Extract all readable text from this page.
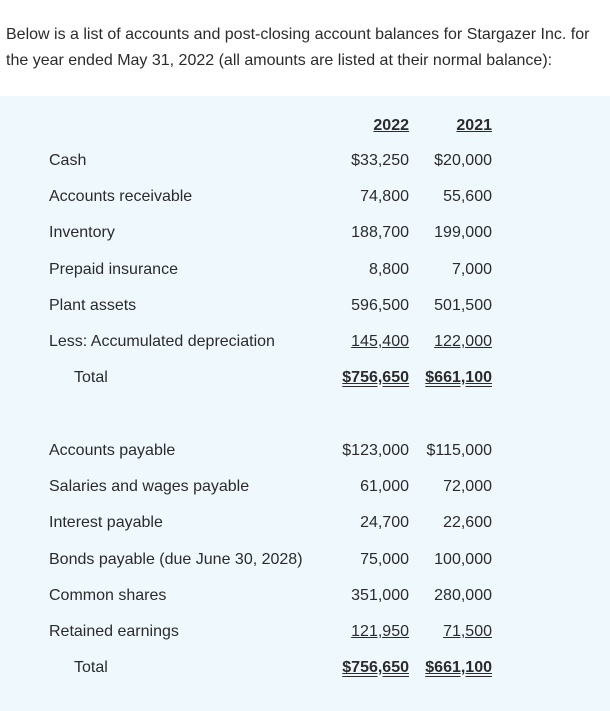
Below is a list of accounts and post-closing account balances for Stargazer Inc. for the year ended May 31, 2022 (all amounts are listed at their normal balance):
2022	2021
Cash	$33,250 $20,000
Accounts receivable	74,800 55,600
Inventory	188,700 199,000
Prepaid insurance	8,800	7,000
Plant assets	596,500 501,500
Less: Accumulated depreciation	145,400 122,000
Total	$756,650 $661,100
Accounts payable	$123,000 $115,000
Salaries and wages payable	61,000 72,000
Interest payable	24,700 22,600
Bonds payable (due June 30, 2028)	75,000 100,000
Common shares	351,000 280,000
Retained earnings	121,950 71,500
Total	$756,650 $661,100
